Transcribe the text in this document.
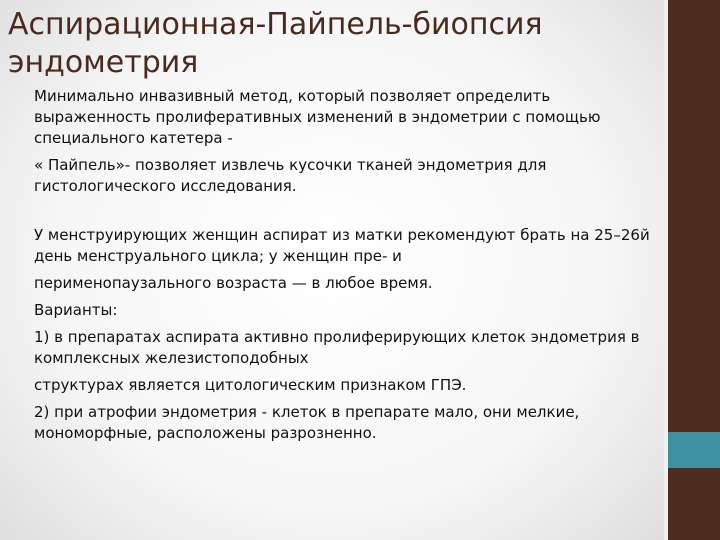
Аспирационная-Пайпель-биопсия эндометрия

Минимально инвазивный метод, который позволяет определить выраженность пролиферативных изменений в эндометрии с помощью специального катетера -

« Пайпель»- позволяет извлечь кусочки тканей эндометрия для гистологического исследования.

У менструирующих женщин аспират из матки рекомендуют брать на 25–26й день менструального цикла; у женщин пре- и

перименопаузального возраста — в любое время.

Варианты:

1) в препаратах аспирата активно пролиферирующих клеток эндометрия в комплексных железистоподобных

структурах является цитологическим признаком ГПЭ.

2) при атрофии эндометрия - клеток в препарате мало, они мелкие, мономорфные, расположены разрозненно.
